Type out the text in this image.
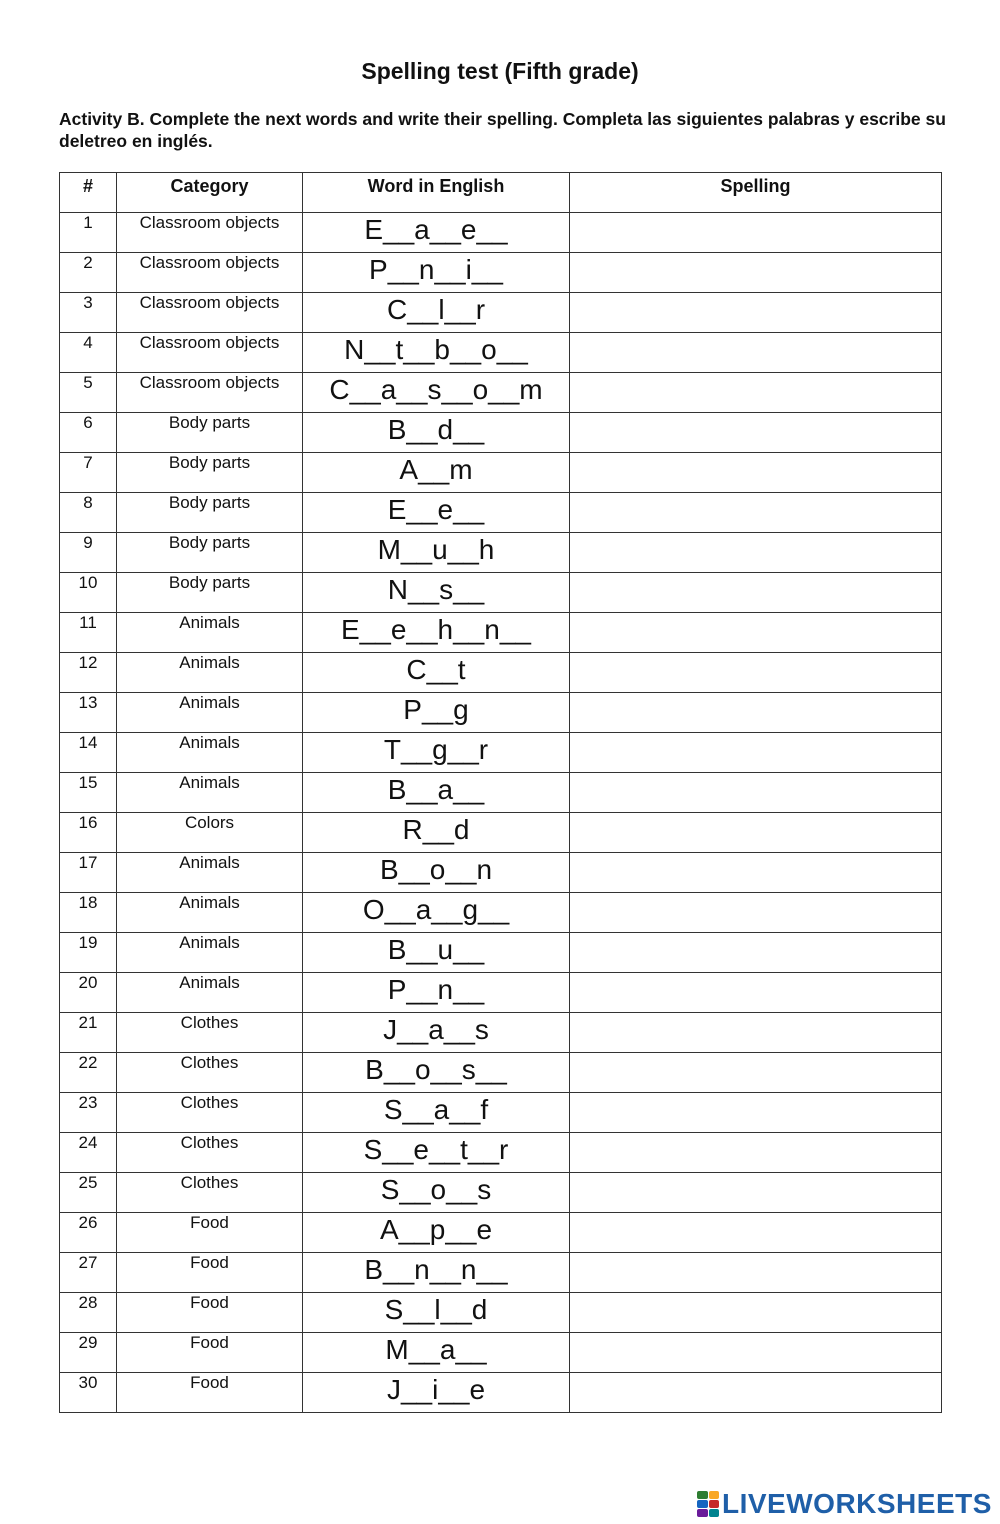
Spelling test (Fifth grade)
Activity B. Complete the next words and write their spelling. Completa las siguientes palabras y escribe su deletreo en inglés.
#	Category	Word in English	Spelling
1	Classroom objects	E__a__e__	
2	Classroom objects	P__n__i__	
3	Classroom objects	C__l__r	
4	Classroom objects	N__t__b__o__	
5	Classroom objects	C__a__s__o__m	
6	Body parts	B__d__	
7	Body parts	A__m	
8	Body parts	E__e__	
9	Body parts	M__u__h	
10	Body parts	N__s__	
11	Animals	E__e__h__n__	
12	Animals	C__t	
13	Animals	P__g	
14	Animals	T__g__r	
15	Animals	B__a__	
16	Colors	R__d	
17	Animals	B__o__n	
18	Animals	O__a__g__	
19	Animals	B__u__	
20	Animals	P__n__	
21	Clothes	J__a__s	
22	Clothes	B__o__s__	
23	Clothes	S__a__f	
24	Clothes	S__e__t__r	
25	Clothes	S__o__s	
26	Food	A__p__e	
27	Food	B__n__n__	
28	Food	S__l__d	
29	Food	M__a__	
30	Food	J__i__e	
LIVEWORKSHEETS
